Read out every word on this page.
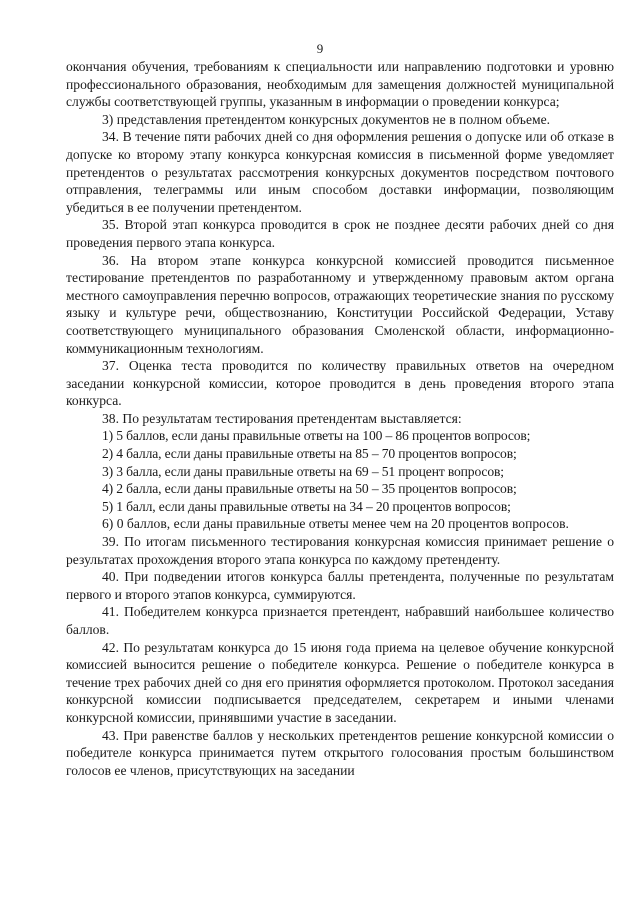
9

окончания обучения, требованиям к специальности или направлению подготовки и уровню профессионального образования, необходимым для замещения должностей муниципальной службы соответствующей группы, указанным в информации о проведении конкурса;

3) представления претендентом конкурсных документов не в полном объеме.

34. В течение пяти рабочих дней со дня оформления решения о допуске или об отказе в допуске ко второму этапу конкурса конкурсная комиссия в письменной форме уведомляет претендентов о результатах рассмотрения конкурсных документов посредством почтового отправления, телеграммы или иным способом доставки информации, позволяющим убедиться в ее получении претендентом.

35. Второй этап конкурса проводится в срок не позднее десяти рабочих дней со дня проведения первого этапа конкурса.

36. На втором этапе конкурса конкурсной комиссией проводится письменное тестирование претендентов по разработанному и утвержденному правовым актом органа местного самоуправления перечню вопросов, отражающих теоретические знания по русскому языку и культуре речи, обществознанию, Конституции Российской Федерации, Уставу соответствующего муниципального образования Смоленской области, информационно-коммуникационным технологиям.

37. Оценка теста проводится по количеству правильных ответов на очередном заседании конкурсной комиссии, которое проводится в день проведения второго этапа конкурса.

38. По результатам тестирования претендентам выставляется:

1) 5 баллов, если даны правильные ответы на 100 – 86 процентов вопросов;

2) 4 балла, если даны правильные ответы на 85 – 70 процентов вопросов;

3) 3 балла, если даны правильные ответы на 69 – 51 процент вопросов;

4) 2 балла, если даны правильные ответы на 50 – 35 процентов вопросов;

5) 1 балл, если даны правильные ответы на 34 – 20 процентов вопросов;

6) 0 баллов, если даны правильные ответы менее чем на 20 процентов вопросов.

39. По итогам письменного тестирования конкурсная комиссия принимает решение о результатах прохождения второго этапа конкурса по каждому претенденту.

40. При подведении итогов конкурса баллы претендента, полученные по результатам первого и второго этапов конкурса, суммируются.

41. Победителем конкурса признается претендент, набравший наибольшее количество баллов.

42. По результатам конкурса до 15 июня года приема на целевое обучение конкурсной комиссией выносится решение о победителе конкурса. Решение о победителе конкурса в течение трех рабочих дней со дня его принятия оформляется протоколом. Протокол заседания конкурсной комиссии подписывается председателем, секретарем и иными членами конкурсной комиссии, принявшими участие в заседании.

43. При равенстве баллов у нескольких претендентов решение конкурсной комиссии о победителе конкурса принимается путем открытого голосования простым большинством голосов ее членов, присутствующих на заседании
